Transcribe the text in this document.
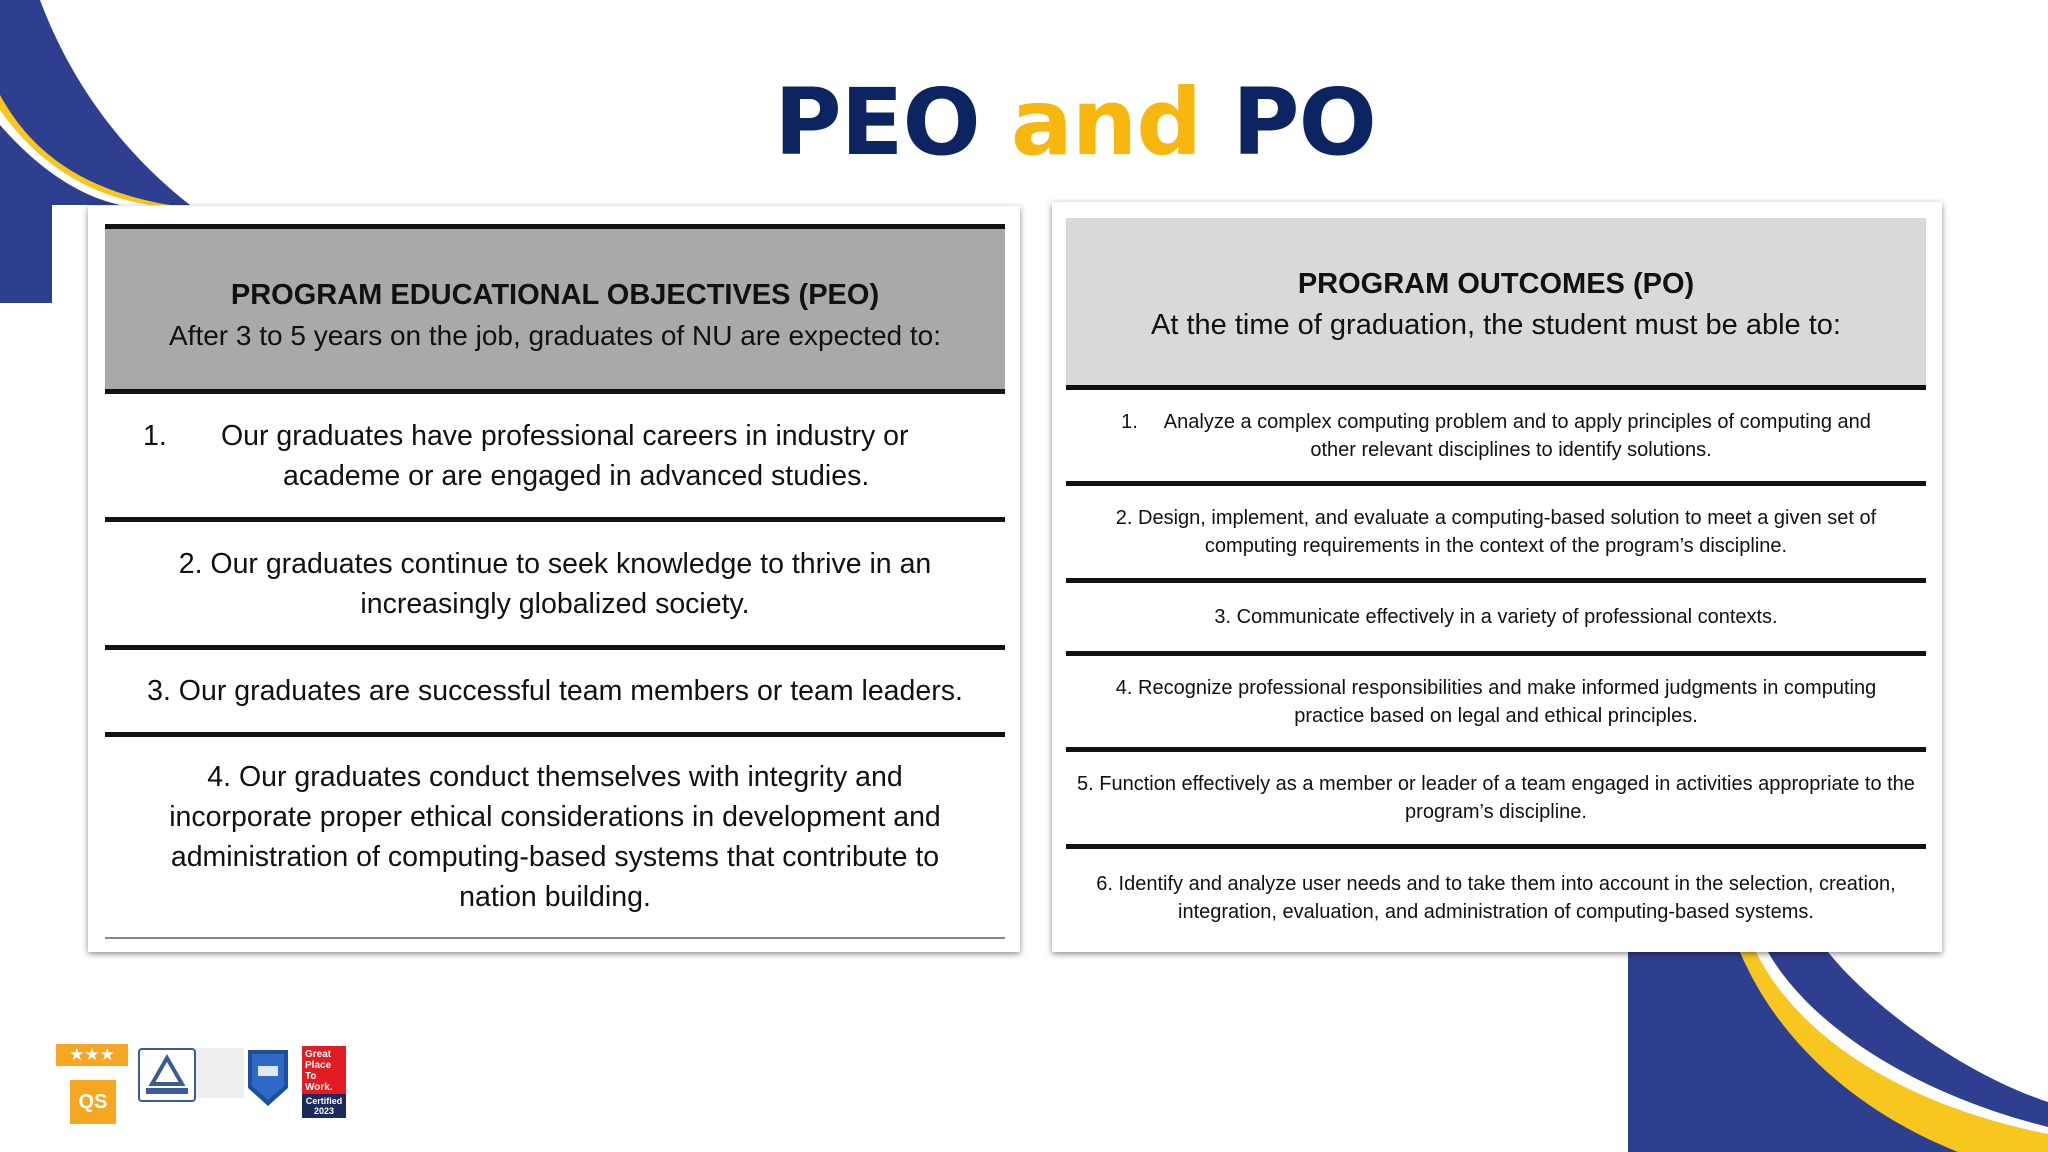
PEO and PO
PROGRAM EDUCATIONAL OBJECTIVES (PEO)
After 3 to 5 years on the job, graduates of NU are expected to:
1.	Our graduates have professional careers in industry or
academe or are engaged in advanced studies.
2. Our graduates continue to seek knowledge to thrive in an increasingly globalized society.
3. Our graduates are successful team members or team leaders.
4. Our graduates conduct themselves with integrity and incorporate proper ethical considerations in development and administration of computing-based systems that contribute to nation building.
PROGRAM OUTCOMES (PO)
At the time of graduation, the student must be able to:
1. Analyze a complex computing problem and to apply principles of computing and
other relevant disciplines to identify solutions.
2. Design, implement, and evaluate a computing-based solution to meet a given set of computing requirements in the context of the program’s discipline.
3. Communicate effectively in a variety of professional contexts.
4. Recognize professional responsibilities and make informed judgments in computing practice based on legal and ethical principles.
5. Function effectively as a member or leader of a team engaged in activities appropriate to the program’s discipline.
6. Identify and analyze user needs and to take them into account in the selection, creation, integration, evaluation, and administration of computing-based systems.
★★★
QS
Great Place To Work.
Certified 2023
